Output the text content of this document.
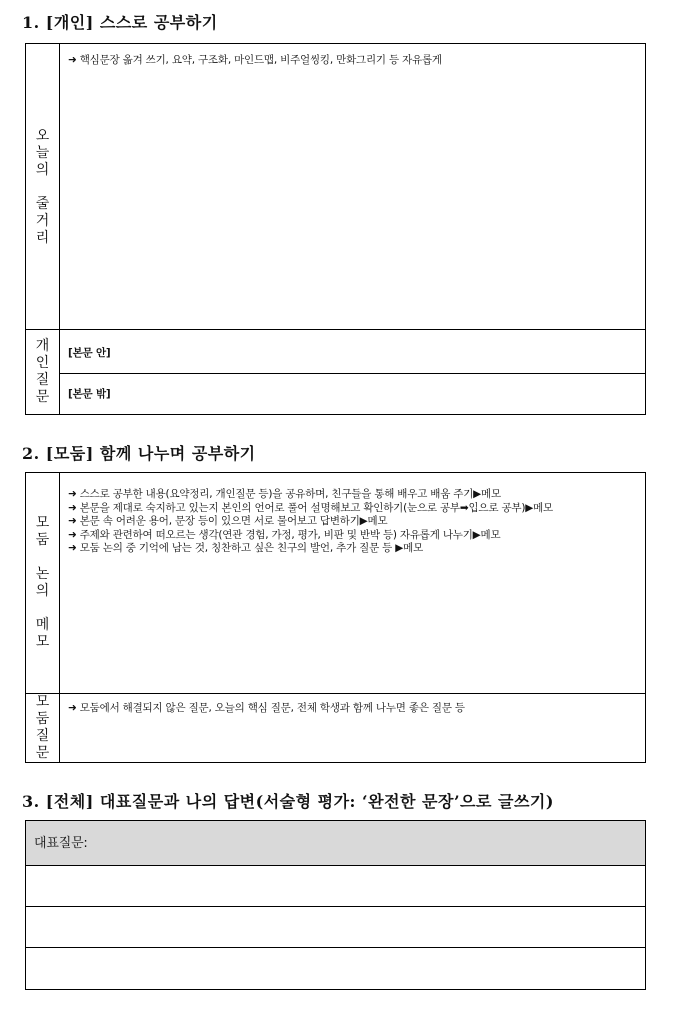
1. [개인] 스스로 공부하기
오늘의
줄거리
개인질문
➜ 핵심문장 옮겨 쓰기, 요약, 구조화, 마인드맵, 비주얼씽킹, 만화그리기 등 자유롭게
[본문 안]
[본문 밖]
2. [모둠] 함께 나누며 공부하기
모둠
논의
메모
모둠질문
➜ 스스로 공부한 내용(요약정리, 개인질문 등)을 공유하며, 친구들을 통해 배우고 배움 주기▶메모
➜ 본문을 제대로 숙지하고 있는지 본인의 언어로 풀어 설명해보고 확인하기(눈으로 공부➡입으로 공부)▶메모
➜ 본문 속 어려운 용어, 문장 등이 있으면 서로 물어보고 답변하기▶메모
➜ 주제와 관련하여 떠오르는 생각(연관 경험, 가정, 평가, 비판 및 반박 등) 자유롭게 나누기▶메모
➜ 모둠 논의 중 기억에 남는 것, 칭찬하고 싶은 친구의 발언, 추가 질문 등 ▶메모
➜ 모둠에서 해결되지 않은 질문, 오늘의 핵심 질문, 전체 학생과 함께 나누면 좋은 질문 등
3. [전체] 대표질문과 나의 답변(서술형 평가: ‘완전한 문장’으로 글쓰기)
대표질문:
